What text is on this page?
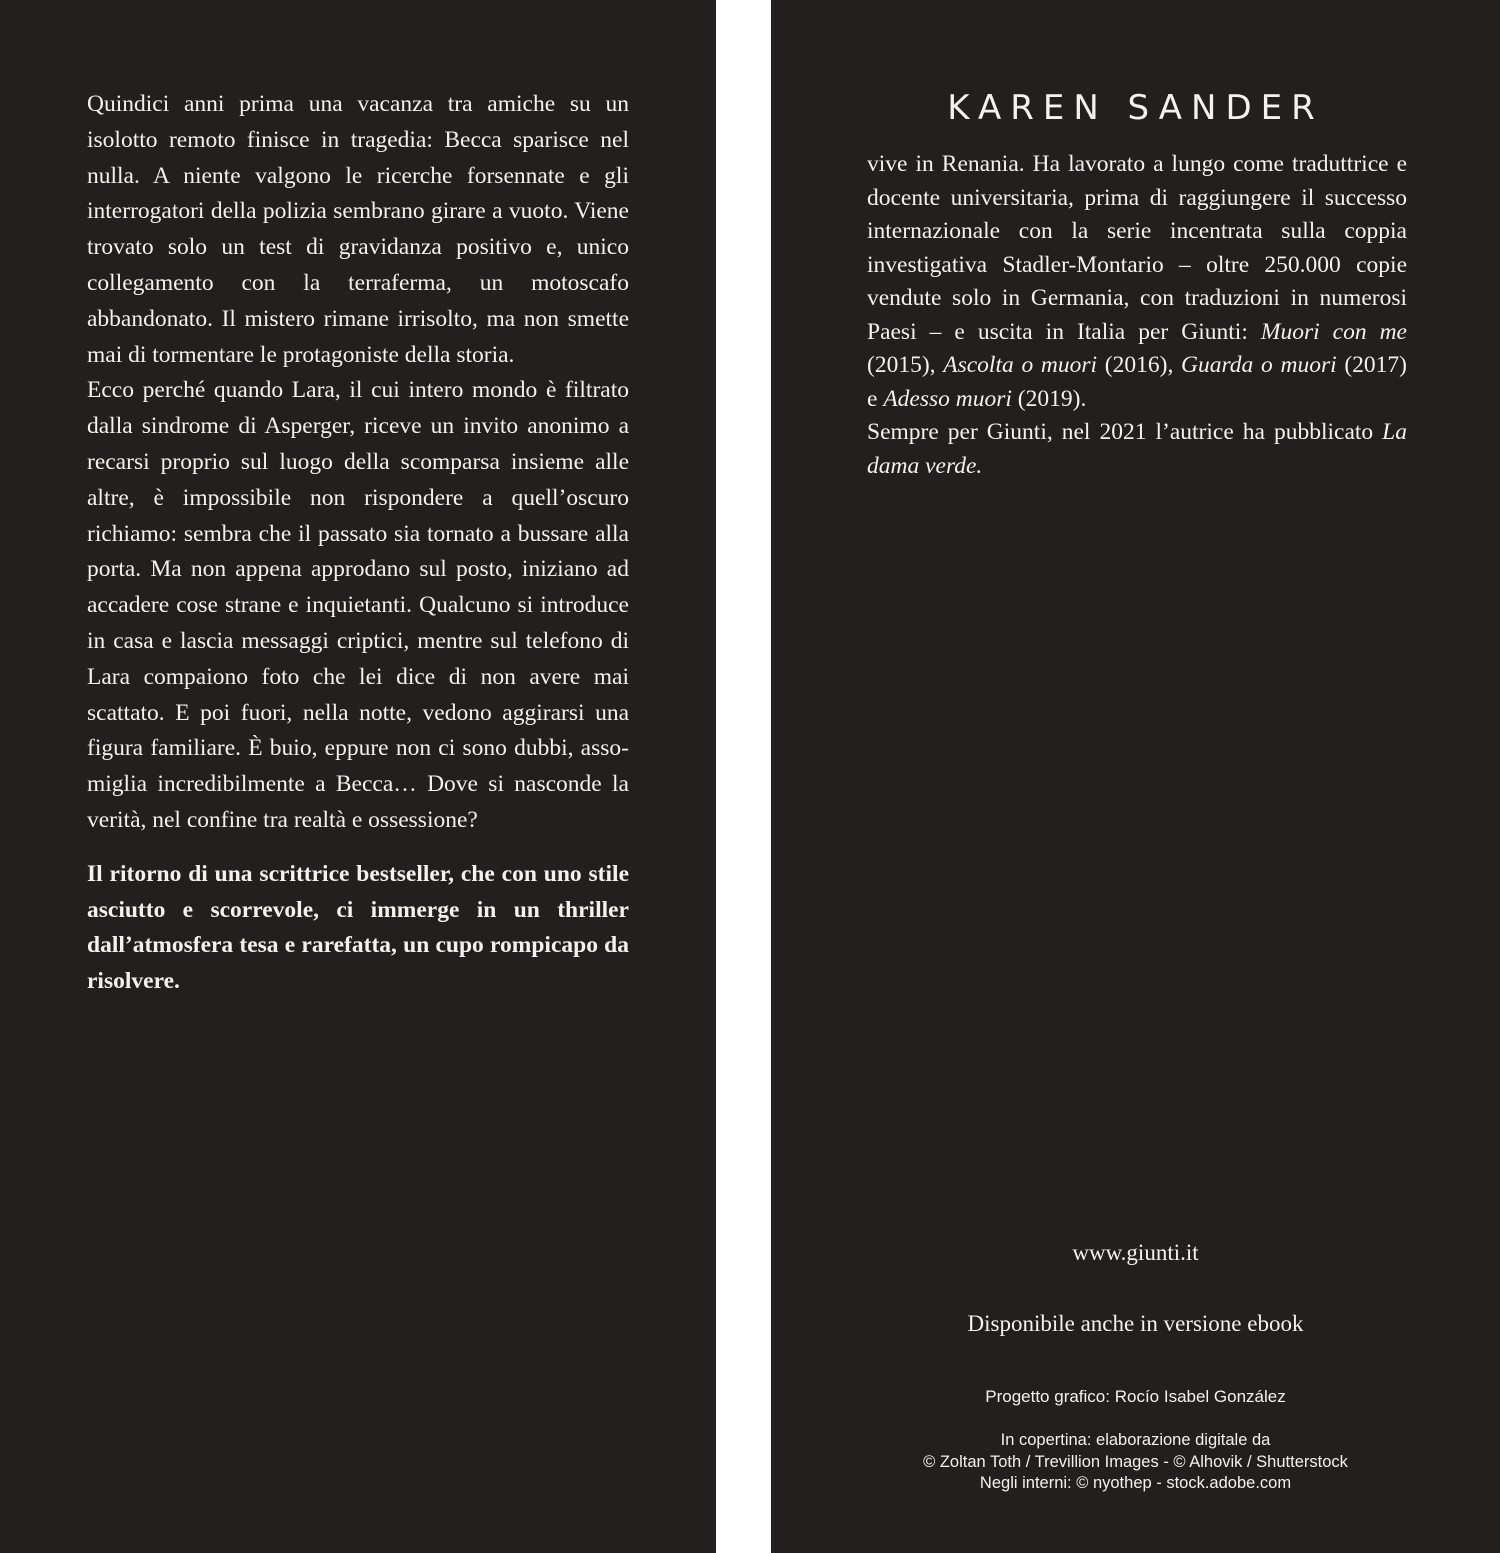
Quindici anni prima una vacanza tra amiche su un isolotto remoto finisce in tragedia: Becca sparisce nel nulla. A niente valgono le ricerche forsennate e gli interrogatori della polizia sembrano girare a vuoto. Viene trovato solo un test di gravidanza positivo e, unico collegamento con la terraferma, un motoscafo abbandonato. Il mistero rimane irrisolto, ma non smette mai di tormentare le protagoniste della storia.

Ecco perché quando Lara, il cui intero mondo è filtrato dalla sindrome di Asperger, riceve un invito anonimo a recarsi proprio sul luogo della scomparsa insieme alle altre, è impossibile non rispondere a quell’oscuro richiamo: sembra che il passato sia tornato a bussare alla porta. Ma non appena approdano sul posto, iniziano ad accadere cose strane e inquietanti. Qualcuno si introduce in casa e lascia messaggi criptici, mentre sul telefono di Lara compaiono foto che lei dice di non avere mai scattato. E poi fuori, nella notte, vedono aggirarsi una figura familiare. È buio, eppure non ci sono dubbi, assomiglia incredibilmente a Becca… Dove si nasconde la verità, nel confine tra realtà e ossessione?

Il ritorno di una scrittrice bestseller, che con uno stile asciutto e scorrevole, ci immerge in un thriller dall’atmosfera tesa e rarefatta, un cupo rompicapo da risolvere.

KAREN SANDER

vive in Renania. Ha lavorato a lungo come traduttrice e docente universitaria, prima di raggiungere il successo internazionale con la serie incentrata sulla coppia investigativa Stadler-Montario – oltre 250.000 copie vendute solo in Germania, con traduzioni in numerosi Paesi – e uscita in Italia per Giunti: Muori con me (2015), Ascolta o muori (2016), Guarda o muori (2017) e Adesso muori (2019).

Sempre per Giunti, nel 2021 l’autrice ha pubblicato La dama verde.

www.giunti.it
Disponibile anche in versione ebook
Progetto grafico: Rocío Isabel González
In copertina: elaborazione digitale da
© Zoltan Toth / Trevillion Images - © Alhovik / Shutterstock
Negli interni: © nyothep - stock.adobe.com
